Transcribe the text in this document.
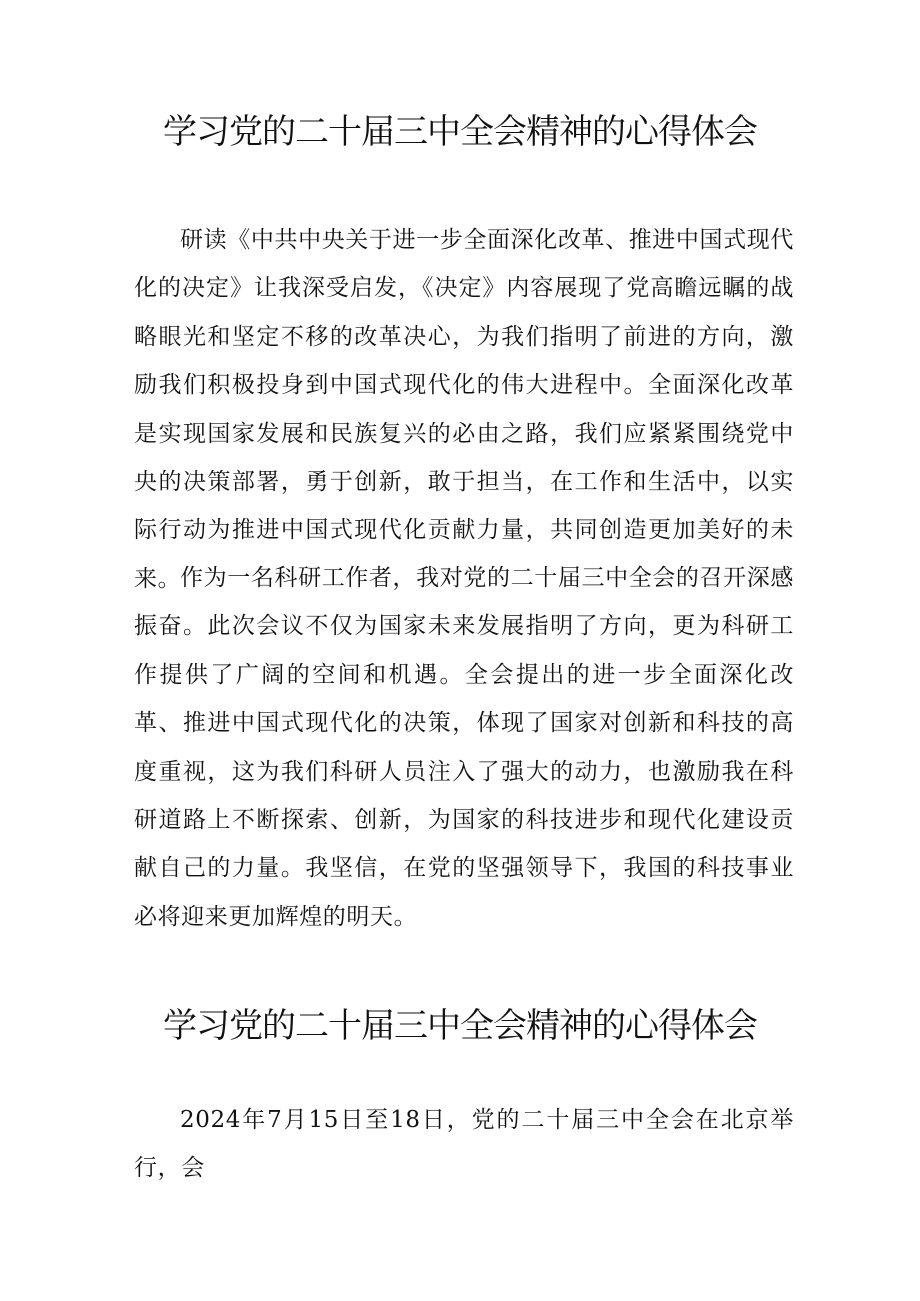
学习党的二十届三中全会精神的心得体会

研读《中共中央关于进一步全面深化改革、推进中国式现代化的决定》让我深受启发，《决定》内容展现了党高瞻远瞩的战略眼光和坚定不移的改革决心，为我们指明了前进的方向，激励我们积极投身到中国式现代化的伟大进程中。全面深化改革是实现国家发展和民族复兴的必由之路，我们应紧紧围绕党中央的决策部署，勇于创新，敢于担当，在工作和生活中，以实际行动为推进中国式现代化贡献力量，共同创造更加美好的未来。

作为一名科研工作者，我对党的二十届三中全会的召开深感振奋。此次会议不仅为国家未来发展指明了方向，更为科研工作提供了广阔的空间和机遇。全会提出的进一步全面深化改革、推进中国式现代化的决策，体现了国家对创新和科技的高度重视，这为我们科研人员注入了强大的动力，也激励我在科研道路上不断探索、创新，为国家的科技进步和现代化建设贡献自己的力量。我坚信，在党的坚强领导下，我国的科技事业必将迎来更加辉煌的明天。

学习党的二十届三中全会精神的心得体会

2024年7月15日至18日，党的二十届三中全会在北京举行，会
